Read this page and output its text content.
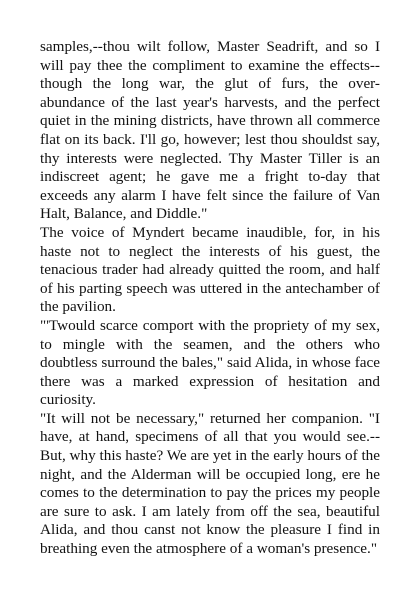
samples,--thou wilt follow, Master Seadrift, and so I will pay thee the compliment to examine the effects--though the long war, the glut of furs, the over-abundance of the last year's harvests, and the perfect quiet in the mining districts, have thrown all commerce flat on its back. I'll go, however; lest thou shouldst say, thy interests were neglected. Thy Master Tiller is an indiscreet agent; he gave me a fright to-day that exceeds any alarm I have felt since the failure of Van Halt, Balance, and Diddle."

The voice of Myndert became inaudible, for, in his haste not to neglect the interests of his guest, the tenacious trader had already quitted the room, and half of his parting speech was uttered in the antechamber of the pavilion.

"'Twould scarce comport with the propriety of my sex, to mingle with the seamen, and the others who doubtless surround the bales," said Alida, in whose face there was a marked expression of hesitation and curiosity.

"It will not be necessary," returned her companion. "I have, at hand, specimens of all that you would see.--But, why this haste? We are yet in the early hours of the night, and the Alderman will be occupied long, ere he comes to the determination to pay the prices my people are sure to ask. I am lately from off the sea, beautiful Alida, and thou canst not know the pleasure I find in breathing even the atmosphere of a woman's presence."
